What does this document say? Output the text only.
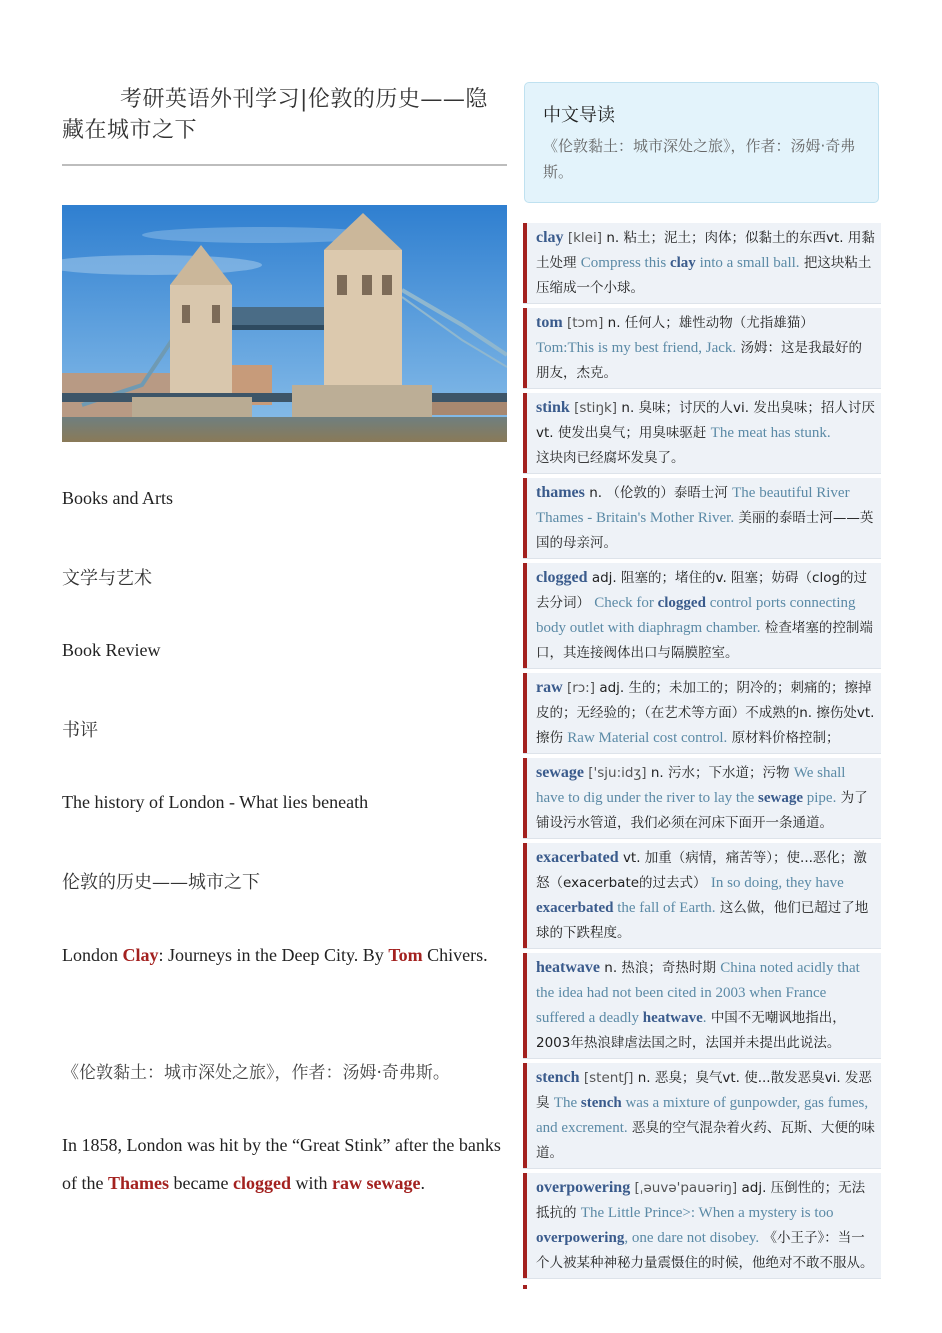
考研英语外刊学习|伦敦的历史——隐藏在城市之下
Books and Arts
文学与艺术
Book Review
书评
The history of London - What lies beneath
伦敦的历史——城市之下
London Clay: Journeys in the Deep City. By Tom Chivers.
《伦敦黏土：城市深处之旅》，作者：汤姆·奇弗斯。
In 1858, London was hit by the “Great Stink” after the banks of the Thames became clogged with raw sewage.
中文导读
《伦敦黏土：城市深处之旅》，作者：汤姆·奇弗斯。
clay [klei] n. 粘土；泥土；肉体；似黏土的东西vt. 用黏土处理 Compress this clay into a small ball. 把这块粘土压缩成一个小球。
tom [tɔm] n. 任何人；雄性动物（尤指雄猫）
Tom:This is my best friend, Jack. 汤姆：这是我最好的朋友，杰克。
stink [stiŋk] n. 臭味；讨厌的人vi. 发出臭味；招人讨厌vt. 使发出臭气；用臭味驱赶 The meat has stunk.
这块肉已经腐坏发臭了。
thames n. （伦敦的）泰晤士河 The beautiful River Thames - Britain's Mother River. 美丽的泰晤士河——英国的母亲河。
clogged adj. 阻塞的；堵住的v. 阻塞；妨碍（clog的过去分词） Check for clogged control ports connecting body outlet with diaphragm chamber. 检查堵塞的控制端口，其连接阀体出口与隔膜腔室。
raw [rɔ:] adj. 生的；未加工的；阴冷的；刺痛的；擦掉皮的；无经验的；（在艺术等方面）不成熟的n. 擦伤处vt. 擦伤 Raw Material cost control. 原材料价格控制；
sewage ['sju:idʒ] n. 污水；下水道；污物 We shall have to dig under the river to lay the sewage pipe. 为了铺设污水管道，我们必须在河床下面开一条通道。
exacerbated vt. 加重（病情，痛苦等）；使...恶化；激怒（exacerbate的过去式） In so doing, they have exacerbated the fall of Earth. 这么做，他们已超过了地球的下跌程度。
heatwave n. 热浪；奇热时期 China noted acidly that the idea had not been cited in 2003 when France suffered a deadly heatwave. 中国不无嘲讽地指出，2003年热浪肆虐法国之时，法国并未提出此说法。
stench [stentʃ] n. 恶臭；臭气vt. 使...散发恶臭vi. 发恶臭 The stench was a mixture of gunpowder, gas fumes, and excrement. 恶臭的空气混杂着火药、瓦斯、大便的味道。
overpowering [ˌəuvə'pauəriŋ] adj. 压倒性的；无法抵抗的 The Little Prince>: When a mystery is too overpowering, one dare not disobey. 《小王子》：当一个人被某种神秘力量震慑住的时候，他绝对不敢不服从。
